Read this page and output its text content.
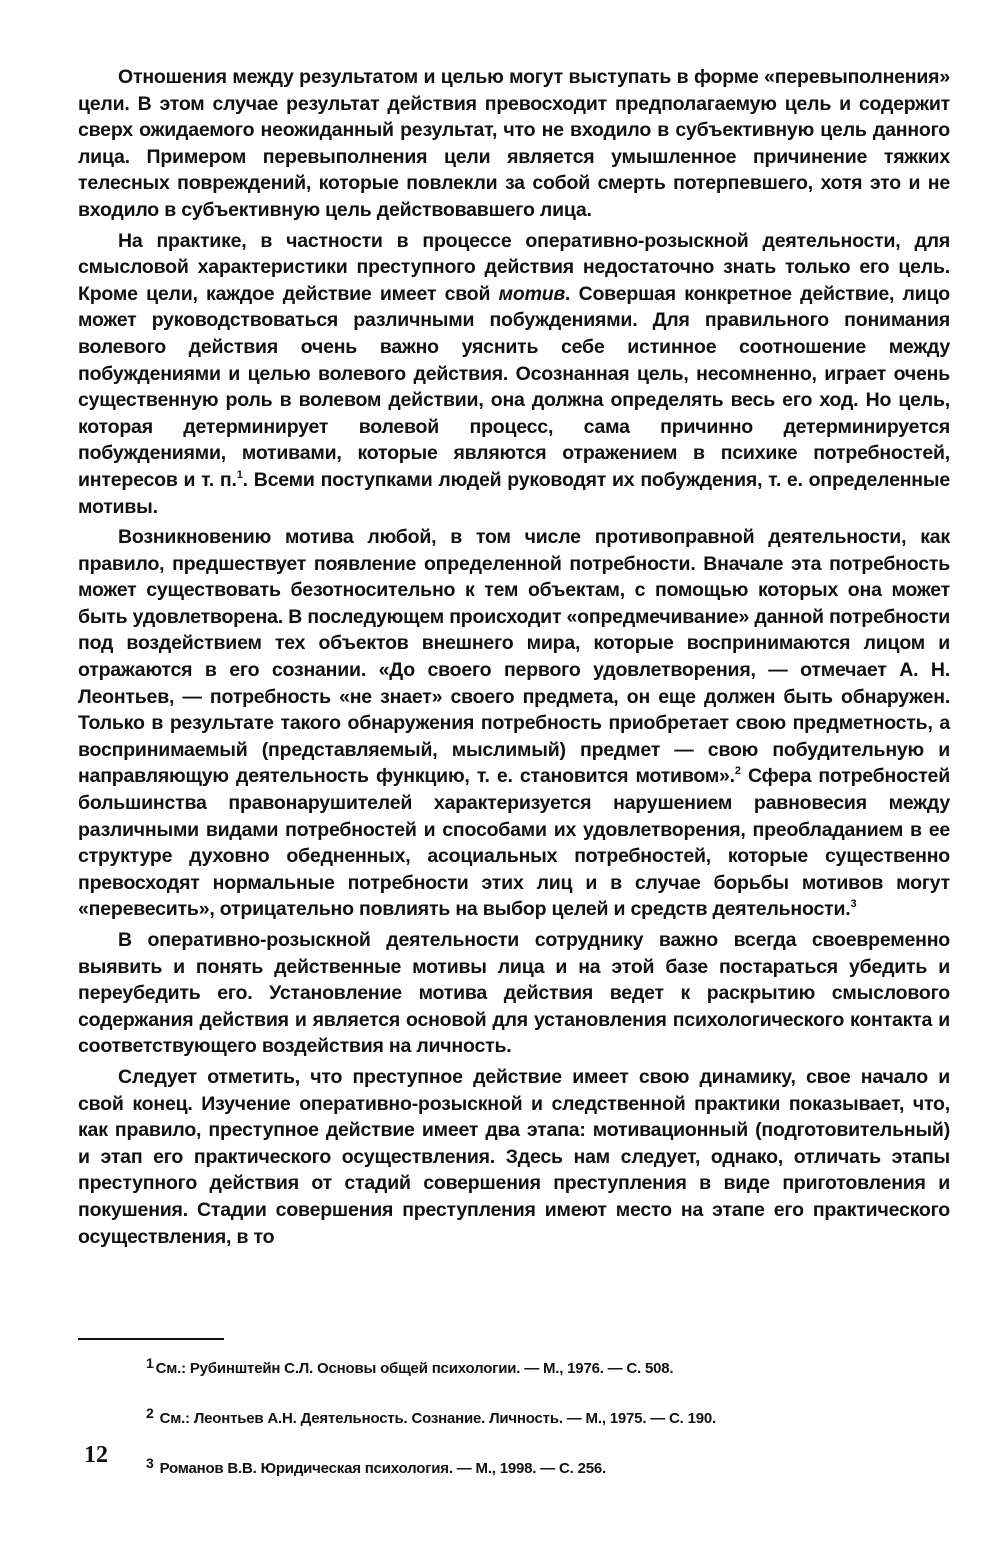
Отношения между результатом и целью могут выступать в форме «перевыполнения» цели. В этом случае результат действия превосходит предполагаемую цель и содержит сверх ожидаемого неожиданный результат, что не входило в субъективную цель данного лица. Примером перевыполнения цели является умышленное причинение тяжких телесных повреждений, которые повлекли за собой смерть потерпевшего, хотя это и не входило в субъективную цель действовавшего лица.

На практике, в частности в процессе оперативно-розыскной деятельности, для смысловой характеристики преступного действия недостаточно знать только его цель. Кроме цели, каждое действие имеет свой мотив. Совершая конкретное действие, лицо может руководствоваться различными побуждениями. Для правильного понимания волевого действия очень важно уяснить себе истинное соотношение между побуждениями и целью волевого действия. Осознанная цель, несомненно, играет очень существенную роль в волевом действии, она должна определять весь его ход. Но цель, которая детерминирует волевой процесс, сама причинно детерминируется побуждениями, мотивами, которые являются отражением в психике потребностей, интересов и т. п.$^1$. Всеми поступками людей руководят их побуждения, т. е. определенные мотивы.

Возникновению мотива любой, в том числе противоправной деятельности, как правило, предшествует появление определенной потребности. Вначале эта потребность может существовать безотносительно к тем объектам, с помощью которых она может быть удовлетворена. В последующем происходит «опредмечивание» данной потребности под воздействием тех объектов внешнего мира, которые воспринимаются лицом и отражаются в его сознании. «До своего первого удовлетворения, — отмечает А. Н. Леонтьев, — потребность «не знает» своего предмета, он еще должен быть обнаружен. Только в результате такого обнаружения потребность приобретает свою предметность, а воспринимаемый (представляемый, мыслимый) предмет — свою побудительную и направляющую деятельность функцию, т. е. становится мотивом».$^2$ Сфера потребностей большинства правонарушителей характеризуется нарушением равновесия между различными видами потребностей и способами их удовлетворения, преобладанием в ее структуре духовно обедненных, асоциальных потребностей, которые существенно превосходят нормальные потребности этих лиц и в случае борьбы мотивов могут «перевесить», отрицательно повлиять на выбор целей и средств деятельности.$^3$

В оперативно-розыскной деятельности сотруднику важно всегда своевременно выявить и понять действенные мотивы лица и на этой базе постараться убедить и переубедить его. Установление мотива действия ведет к раскрытию смыслового содержания действия и является основой для установления психологического контакта и соответствующего воздействия на личность.

Следует отметить, что преступное действие имеет свою динамику, свое начало и свой конец. Изучение оперативно-розыскной и следственной практики показывает, что, как правило, преступное действие имеет два этапа: мотивационный (подготовительный) и этап его практического осуществления. Здесь нам следует, однако, отличать этапы преступного действия от стадий совершения преступления в виде приготовления и покушения. Стадии совершения преступления имеют место на этапе его практического осуществления, в то

1 См.: Рубинштейн С.Л. Основы общей психологии. — М., 1976. — С. 508.

2 См.: Леонтьев А.Н. Деятельность. Сознание. Личность. — М., 1975. — С. 190.

3 Романов В.В. Юридическая психология. — М., 1998. — С. 256.

12
